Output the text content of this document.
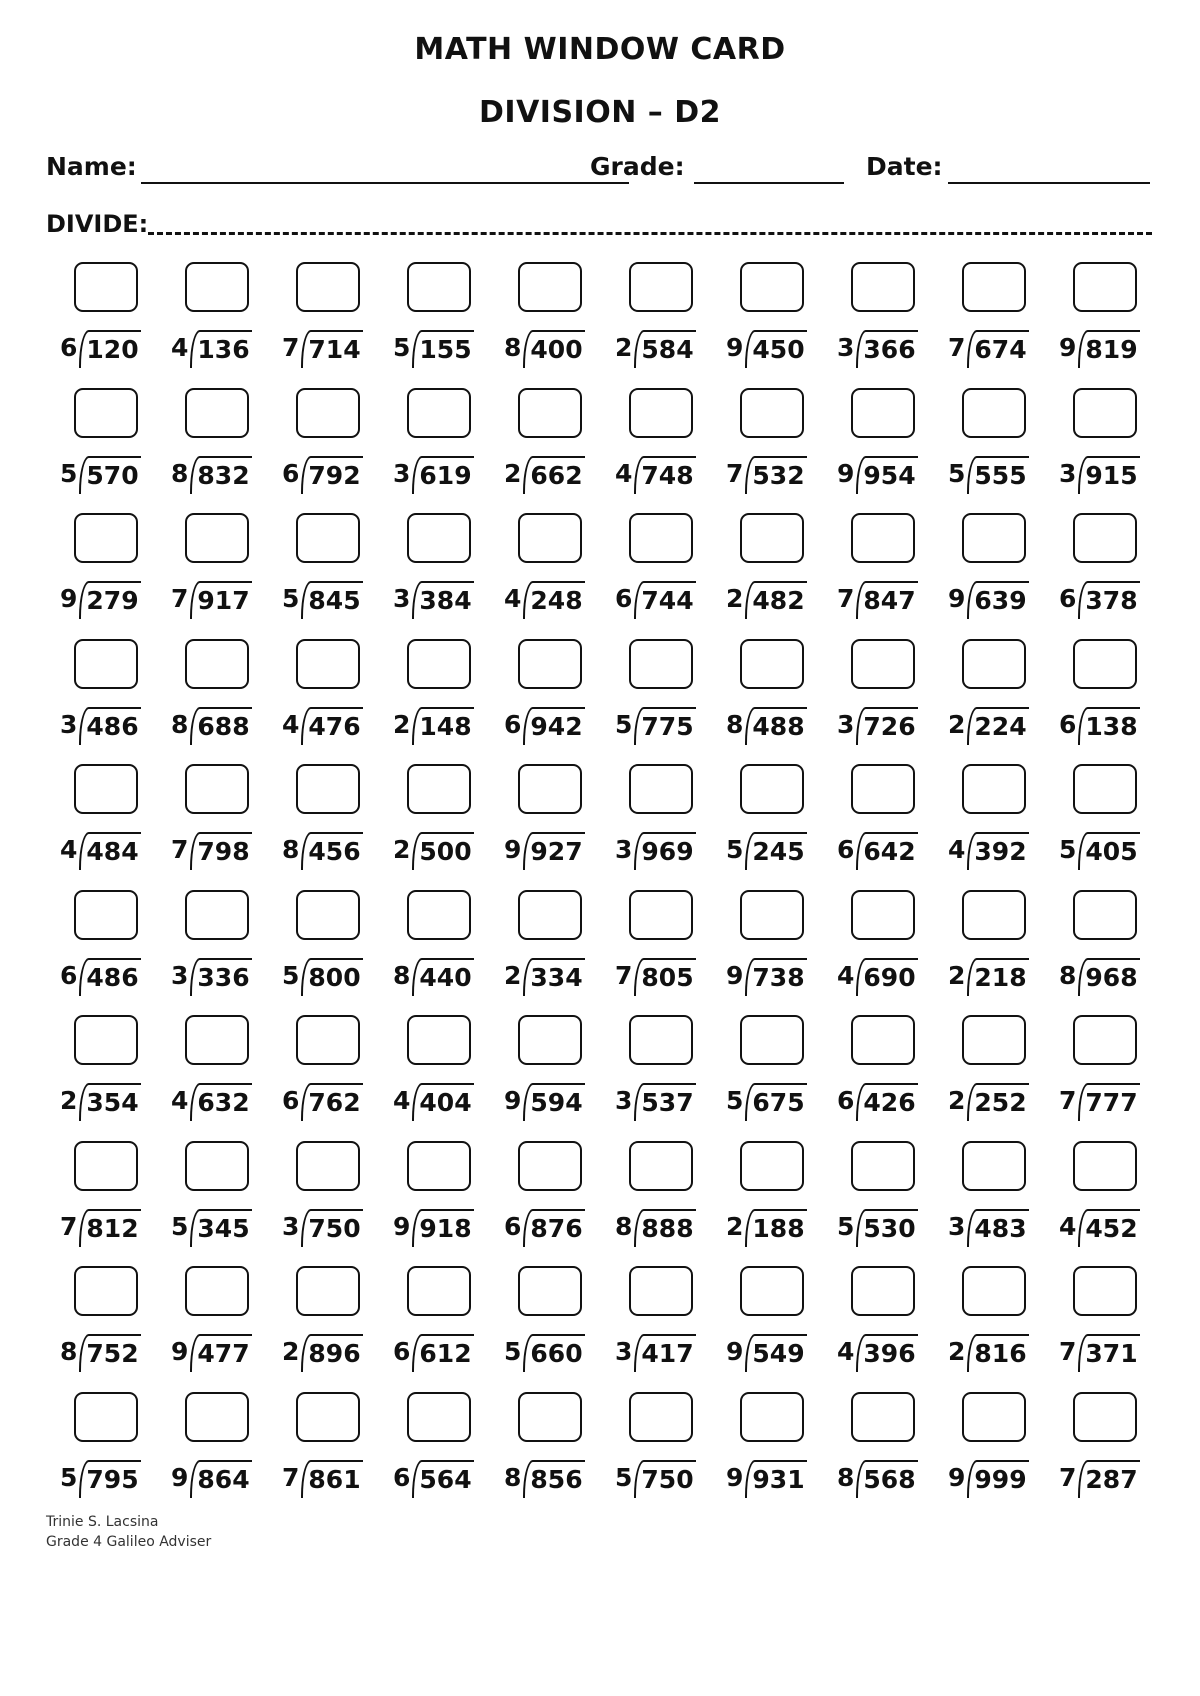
MATH WINDOW CARD
DIVISION – D2
Name:	Grade:	Date:
DIVIDE:
6 120 4 136 7 714 5 155 8 400 2 584 9 450 3 366 7 674 9 819
5 570 8 832 6 792 3 619 2 662 4 748 7 532 9 954 5 555 3 915
9 279 7 917 5 845 3 384 4 248 6 744 2 482 7 847 9 639 6 378
3 486 8 688 4 476 2 148 6 942 5 775 8 488 3 726 2 224 6 138
4 484 7 798 8 456 2 500 9 927 3 969 5 245 6 642 4 392 5 405
6 486 3 336 5 800 8 440 2 334 7 805 9 738 4 690 2 218 8 968
2 354 4 632 6 762 4 404 9 594 3 537 5 675 6 426 2 252 7 777
7 812 5 345 3 750 9 918 6 876 8 888 2 188 5 530 3 483 4 452
8 752 9 477 2 896 6 612 5 660 3 417 9 549 4 396 2 816 7 371
5 795 9 864 7 861 6 564 8 856 5 750 9 931 8 568 9 999 7 287
Trinie S. Lacsina
Grade 4 Galileo Adviser
